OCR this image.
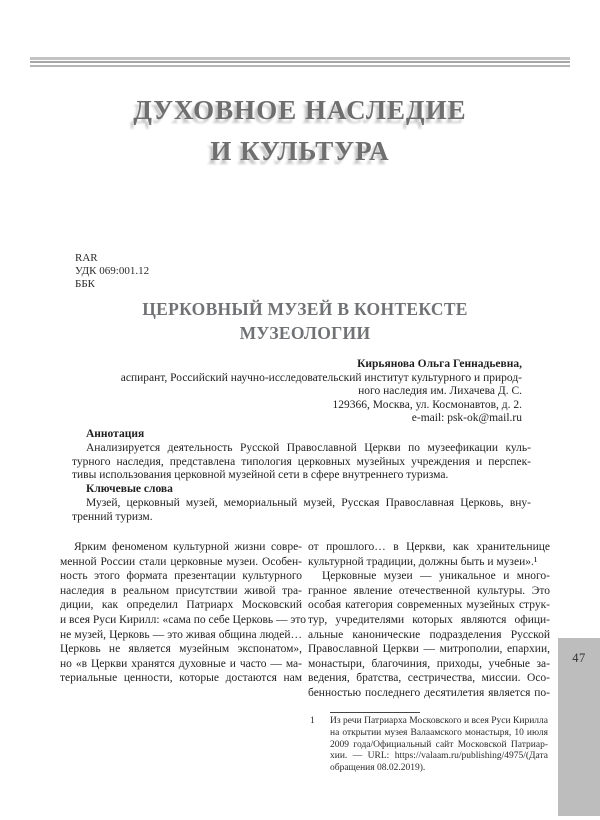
ДУХОВНОЕ НАСЛЕДИЕ
И КУЛЬТУРА
RAR
УДК 069:001.12
ББК
ЦЕРКОВНЫЙ МУЗЕЙ В КОНТЕКСТЕ
МУЗЕОЛОГИИ
Кирьянова Ольга Геннадьевна,
аспирант, Российский научно-исследовательский институт культурного и природ-
ного наследия им. Лихачева Д. С.
129366, Москва, ул. Космонавтов, д. 2.
e-mail: psk-ok@mail.ru
Аннотация
Анализируется деятельность Русской Православной Церкви по музеефикации куль-
турного наследия, представлена типология церковных музейных учреждения и перспек-
тивы использования церковной музейной сети в сфере внутреннего туризма.
Ключевые слова
Музей, церковный музей, мемориальный музей, Русская Православная Церковь, вну-
тренний туризм.
Ярким феноменом культурной жизни совре-
менной России стали церковные музеи. Особен-
ность этого формата презентации культурного
наследия в реальном присутствии живой тра-
диции, как определил Патриарх Московский
и всея Руси Кирилл: «сама по себе Церковь — это
не музей, Церковь — это живая община людей…
Церковь не является музейным экспонатом»,
но «в Церкви хранятся духовные и часто — ма-
териальные ценности, которые достаются нам
от прошлого… в Церкви, как хранительнице
культурной традиции, должны быть и музеи».¹
Церковные музеи — уникальное и много-
гранное явление отечественной культуры. Это
особая категория современных музейных струк-
тур, учредителями которых являются офици-
альные канонические подразделения Русской
Православной Церкви — митрополии, епархии,
монастыри, благочиния, приходы, учебные за-
ведения, братства, сестричества, миссии. Осо-
бенностью последнего десятилетия является по-
1 Из речи Патриарха Московского и всея Руси Кирилла
на открытии музея Валаамского монастыря, 10 июля
2009 года/Официальный сайт Московской Патриар-
хии. — URL: https://valaam.ru/publishing/4975/(Дата
обращения 08.02.2019).
47
